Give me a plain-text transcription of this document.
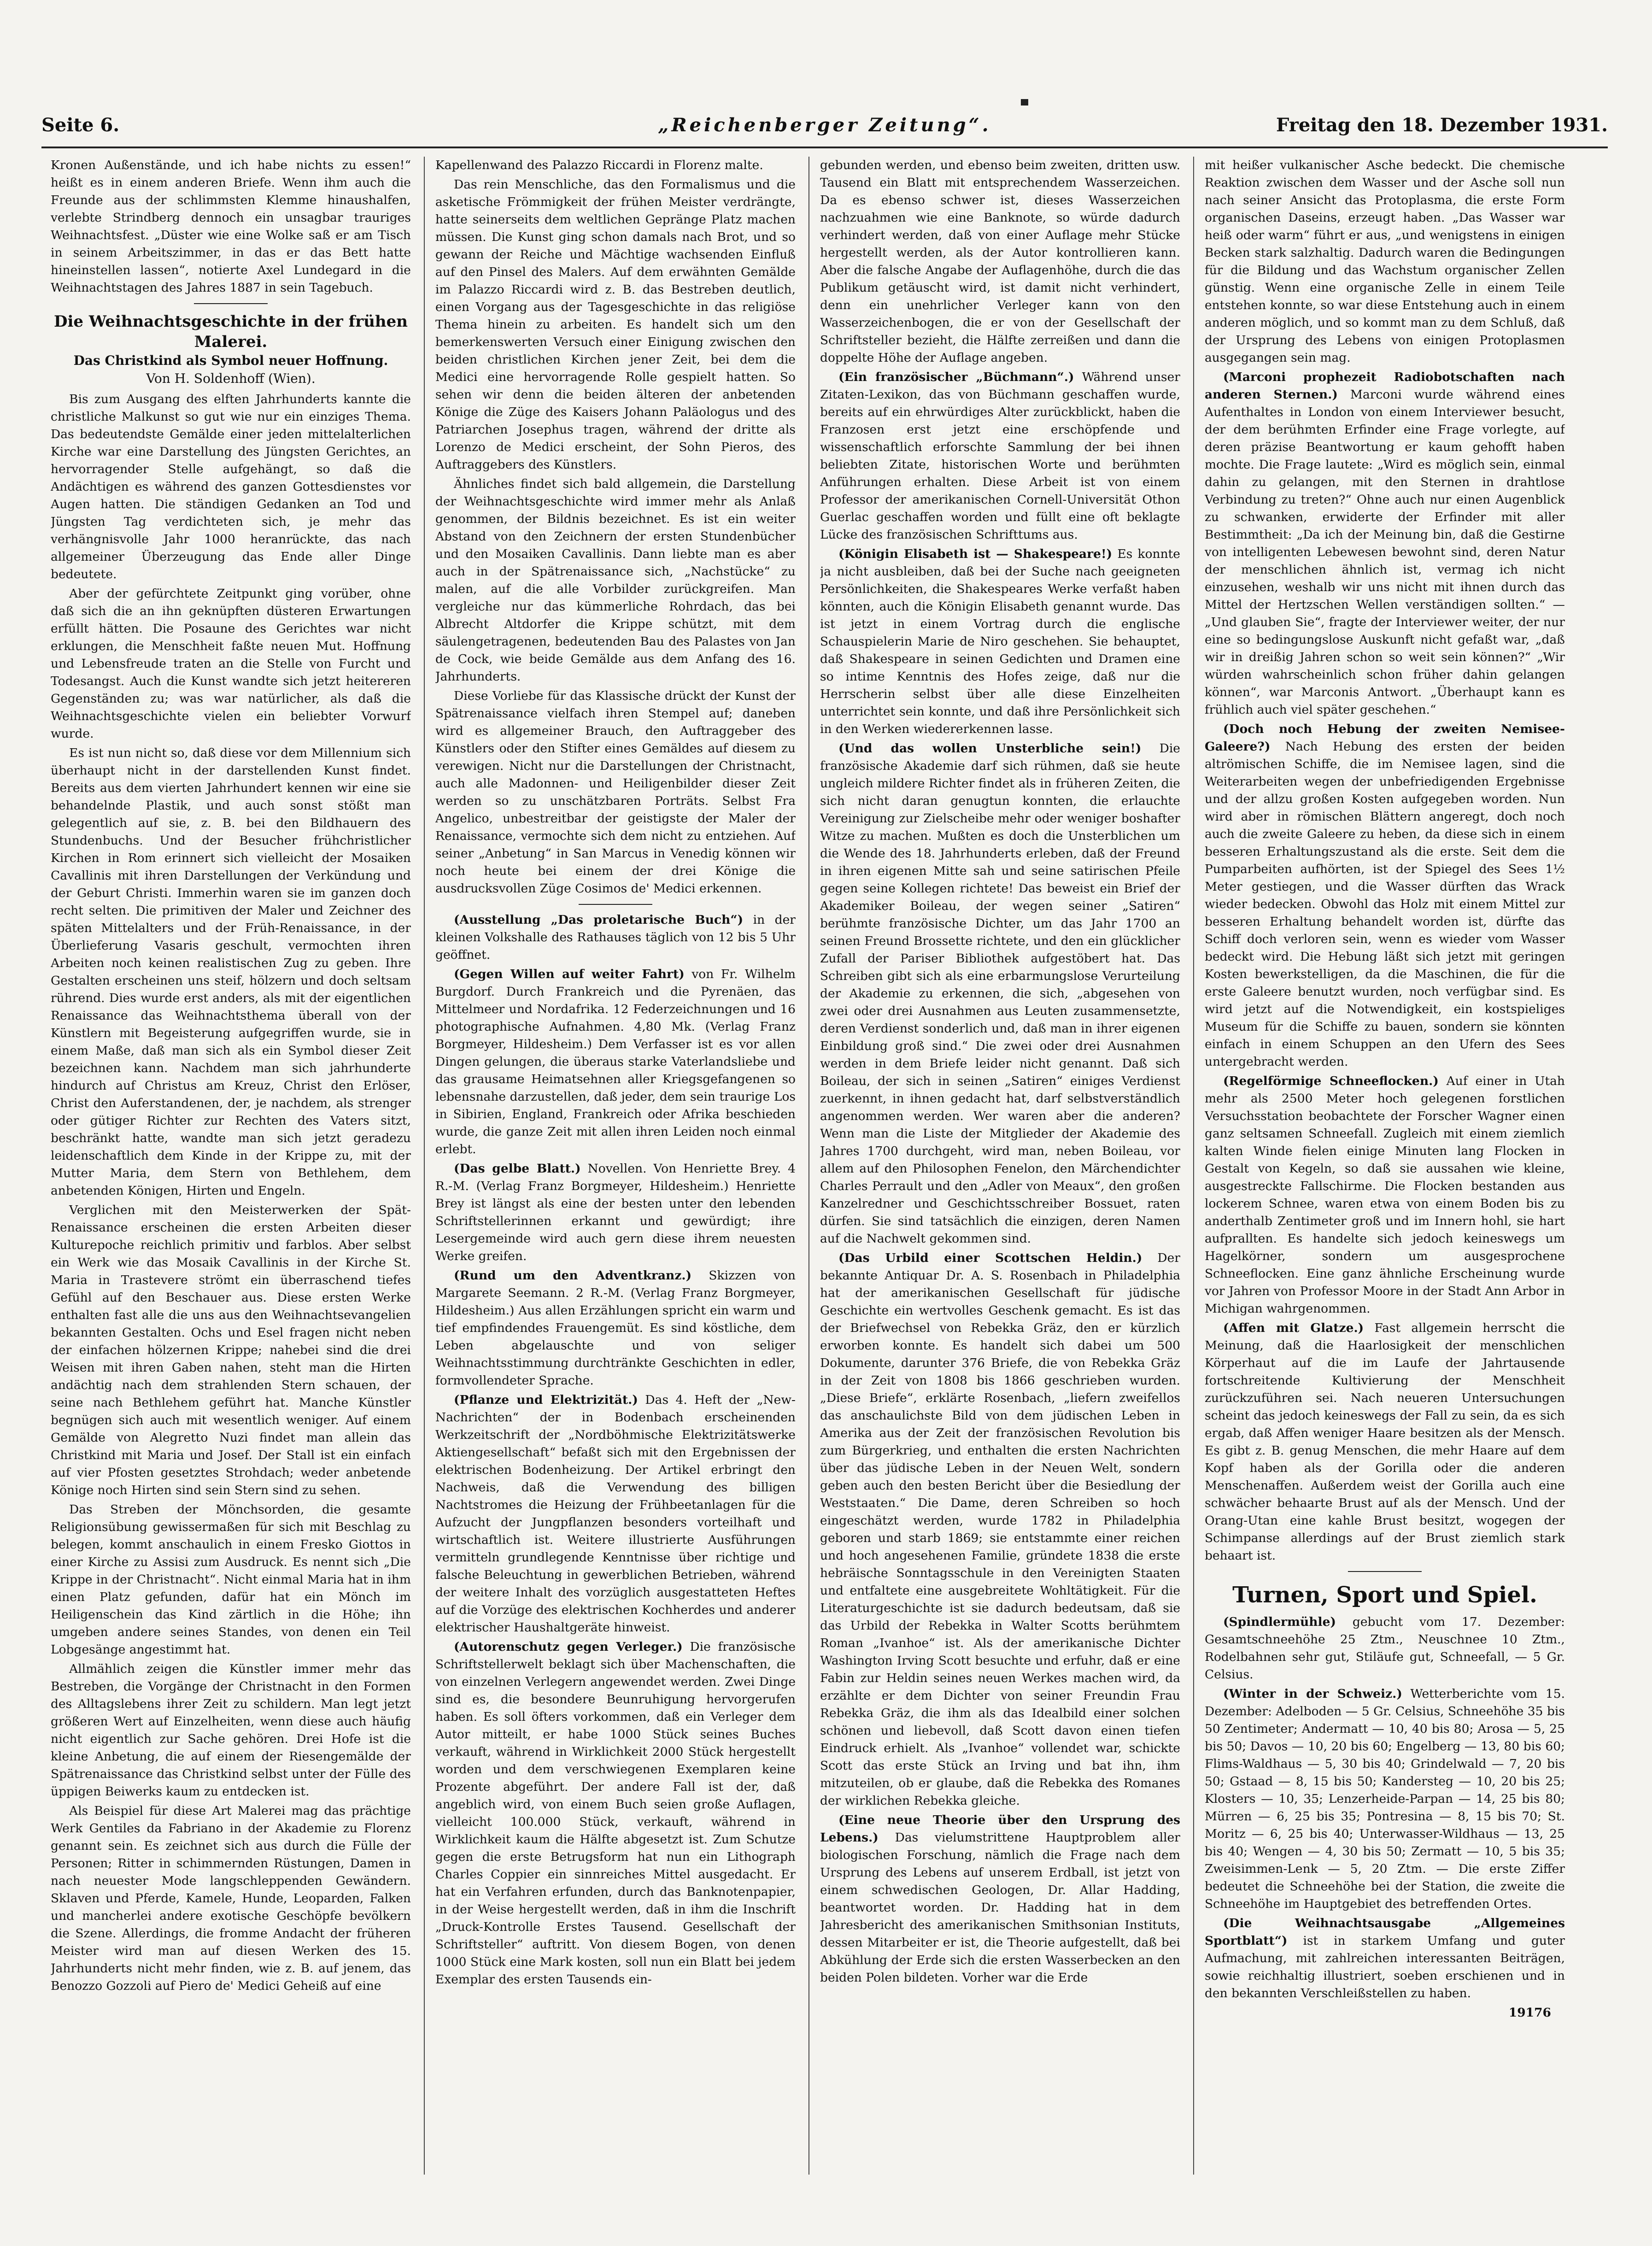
Seite 6.	„Reichenberger Zeitung“.	Freitag den 18. Dezember 1931.

Kronen Außenstände, und ich habe nichts zu essen!“ heißt es in einem anderen Briefe. Wenn ihm auch die Freunde aus der schlimmsten Klemme hinaushalfen, verlebte Strindberg dennoch ein unsagbar trauriges Weihnachtsfest. „Düster wie eine Wolke saß er am Tisch in seinem Arbeitszimmer, in das er das Bett hatte hineinstellen lassen“, notierte Axel Lundegard in die Weihnachtstagen des Jahres 1887 in sein Tagebuch.

Die Weihnachtsgeschichte in der frühen Malerei.
Das Christkind als Symbol neuer Hoffnung.
Von H. Soldenhoff (Wien).

Bis zum Ausgang des elften Jahrhunderts kannte die christliche Malkunst so gut wie nur ein einziges Thema. Das bedeutendste Gemälde einer jeden mittelalterlichen Kirche war eine Darstellung des Jüngsten Gerichtes, an hervorragender Stelle aufgehängt, so daß die Andächtigen es während des ganzen Gottesdienstes vor Augen hatten. Die ständigen Gedanken an Tod und Jüngsten Tag verdichteten sich, je mehr das verhängnisvolle Jahr 1000 heranrückte, das nach allgemeiner Überzeugung das Ende aller Dinge bedeutete.

Aber der gefürchtete Zeitpunkt ging vorüber, ohne daß sich die an ihn geknüpften düsteren Erwartungen erfüllt hätten. Die Posaune des Gerichtes war nicht erklungen, die Menschheit faßte neuen Mut. Hoffnung und Lebensfreude traten an die Stelle von Furcht und Todesangst. Auch die Kunst wandte sich jetzt heitereren Gegenständen zu; was war natürlicher, als daß die Weihnachtsgeschichte vielen ein beliebter Vorwurf wurde.

Es ist nun nicht so, daß diese vor dem Millennium sich überhaupt nicht in der darstellenden Kunst findet. Bereits aus dem vierten Jahrhundert kennen wir eine sie behandelnde Plastik, und auch sonst stößt man gelegentlich auf sie, z. B. bei den Bildhauern des Stundenbuchs. Und der Besucher frühchristlicher Kirchen in Rom erinnert sich vielleicht der Mosaiken Cavallinis mit ihren Darstellungen der Verkündung und der Geburt Christi. Immerhin waren sie im ganzen doch recht selten. Die primitiven der Maler und Zeichner des späten Mittelalters und der Früh-Renaissance, in der Überlieferung Vasaris geschult, vermochten ihren Arbeiten noch keinen realistischen Zug zu geben. Ihre Gestalten erscheinen uns steif, hölzern und doch seltsam rührend. Dies wurde erst anders, als mit der eigentlichen Renaissance das Weihnachtsthema überall von der Künstlern mit Begeisterung aufgegriffen wurde, sie in einem Maße, daß man sich als ein Symbol dieser Zeit bezeichnen kann. Nachdem man sich jahrhunderte hindurch auf Christus am Kreuz, Christ den Erlöser, Christ den Auferstandenen, der, je nachdem, als strenger oder gütiger Richter zur Rechten des Vaters sitzt, beschränkt hatte, wandte man sich jetzt geradezu leidenschaftlich dem Kinde in der Krippe zu, mit der Mutter Maria, dem Stern von Bethlehem, dem anbetenden Königen, Hirten und Engeln.

Verglichen mit den Meisterwerken der Spät-Renaissance erscheinen die ersten Arbeiten dieser Kulturepoche reichlich primitiv und farblos. Aber selbst ein Werk wie das Mosaik Cavallinis in der Kirche St. Maria in Trastevere strömt ein überraschend tiefes Gefühl auf den Beschauer aus. Diese ersten Werke enthalten fast alle die uns aus den Weihnachtsevangelien bekannten Gestalten. Ochs und Esel fragen nicht neben der einfachen hölzernen Krippe; nahebei sind die drei Weisen mit ihren Gaben nahen, steht man die Hirten andächtig nach dem strahlenden Stern schauen, der seine nach Bethlehem geführt hat. Manche Künstler begnügen sich auch mit wesentlich weniger. Auf einem Gemälde von Alegretto Nuzi findet man allein das Christkind mit Maria und Josef. Der Stall ist ein einfach auf vier Pfosten gesetztes Strohdach; weder anbetende Könige noch Hirten sind sein Stern sind zu sehen.

Das Streben der Mönchsorden, die gesamte Religionsübung gewissermaßen für sich mit Beschlag zu belegen, kommt anschaulich in einem Fresko Giottos in einer Kirche zu Assisi zum Ausdruck. Es nennt sich „Die Krippe in der Christnacht“. Nicht einmal Maria hat in ihm einen Platz gefunden, dafür hat ein Mönch im Heiligenschein das Kind zärtlich in die Höhe; ihn umgeben andere seines Standes, von denen ein Teil Lobgesänge angestimmt hat.

Allmählich zeigen die Künstler immer mehr das Bestreben, die Vorgänge der Christnacht in den Formen des Alltagslebens ihrer Zeit zu schildern. Man legt jetzt größeren Wert auf Einzelheiten, wenn diese auch häufig nicht eigentlich zur Sache gehören. Drei Hofe ist die kleine Anbetung, die auf einem der Riesengemälde der Spätrenaissance das Christkind selbst unter der Fülle des üppigen Beiwerks kaum zu entdecken ist.

Als Beispiel für diese Art Malerei mag das prächtige Werk Gentiles da Fabriano in der Akademie zu Florenz genannt sein. Es zeichnet sich aus durch die Fülle der Personen; Ritter in schimmernden Rüstungen, Damen in nach neuester Mode langschleppenden Gewändern. Sklaven und Pferde, Kamele, Hunde, Leoparden, Falken und mancherlei andere exotische Geschöpfe bevölkern die Szene. Allerdings, die fromme Andacht der früheren Meister wird man auf diesen Werken des 15. Jahrhunderts nicht mehr finden, wie z. B. auf jenem, das Benozzo Gozzoli auf Piero de' Medici Geheiß auf eine

Kapellenwand des Palazzo Riccardi in Florenz malte.

Das rein Menschliche, das den Formalismus und die asketische Frömmigkeit der frühen Meister verdrängte, hatte seinerseits dem weltlichen Gepränge Platz machen müssen. Die Kunst ging schon damals nach Brot, und so gewann der Reiche und Mächtige wachsenden Einfluß auf den Pinsel des Malers. Auf dem erwähnten Gemälde im Palazzo Riccardi wird z. B. das Bestreben deutlich, einen Vorgang aus der Tagesgeschichte in das religiöse Thema hinein zu arbeiten. Es handelt sich um den bemerkenswerten Versuch einer Einigung zwischen den beiden christlichen Kirchen jener Zeit, bei dem die Medici eine hervorragende Rolle gespielt hatten. So sehen wir denn die beiden älteren der anbetenden Könige die Züge des Kaisers Johann Paläologus und des Patriarchen Josephus tragen, während der dritte als Lorenzo de Medici erscheint, der Sohn Pieros, des Auftraggebers des Künstlers.

Ähnliches findet sich bald allgemein, die Darstellung der Weihnachtsgeschichte wird immer mehr als Anlaß genommen, der Bildnis bezeichnet. Es ist ein weiter Abstand von den Zeichnern der ersten Stundenbücher und den Mosaiken Cavallinis. Dann liebte man es aber auch in der Spätrenaissance sich, „Nachstücke“ zu malen, auf die alle Vorbilder zurückgreifen. Man vergleiche nur das kümmerliche Rohrdach, das bei Albrecht Altdorfer die Krippe schützt, mit dem säulengetragenen, bedeutenden Bau des Palastes von Jan de Cock, wie beide Gemälde aus dem Anfang des 16. Jahrhunderts.

Diese Vorliebe für das Klassische drückt der Kunst der Spätrenaissance vielfach ihren Stempel auf; daneben wird es allgemeiner Brauch, den Auftraggeber des Künstlers oder den Stifter eines Gemäldes auf diesem zu verewigen. Nicht nur die Darstellungen der Christnacht, auch alle Madonnen- und Heiligenbilder dieser Zeit werden so zu unschätzbaren Porträts. Selbst Fra Angelico, unbestreitbar der geistigste der Maler der Renaissance, vermochte sich dem nicht zu entziehen. Auf seiner „Anbetung“ in San Marcus in Venedig können wir noch heute bei einem der drei Könige die ausdrucksvollen Züge Cosimos de' Medici erkennen.

(Ausstellung „Das proletarische Buch“) in der kleinen Volkshalle des Rathauses täglich von 12 bis 5 Uhr geöffnet.

(Gegen Willen auf weiter Fahrt) von Fr. Wilhelm Burgdorf. Durch Frankreich und die Pyrenäen, das Mittelmeer und Nordafrika. 12 Federzeichnungen und 16 photographische Aufnahmen. 4,80 Mk. (Verlag Franz Borgmeyer, Hildesheim.) Dem Verfasser ist es vor allen Dingen gelungen, die überaus starke Vaterlandsliebe und das grausame Heimatsehnen aller Kriegsgefangenen so lebensnahe darzustellen, daß jeder, dem sein traurige Los in Sibirien, England, Frankreich oder Afrika beschieden wurde, die ganze Zeit mit allen ihren Leiden noch einmal erlebt.

(Das gelbe Blatt.) Novellen. Von Henriette Brey. 4 R.-M. (Verlag Franz Borgmeyer, Hildesheim.) Henriette Brey ist längst als eine der besten unter den lebenden Schriftstellerinnen erkannt und gewürdigt; ihre Lesergemeinde wird auch gern diese ihrem neuesten Werke greifen.

(Rund um den Adventkranz.) Skizzen von Margarete Seemann. 2 R.-M. (Verlag Franz Borgmeyer, Hildesheim.) Aus allen Erzählungen spricht ein warm und tief empfindendes Frauengemüt. Es sind köstliche, dem Leben abgelauschte und von seliger Weihnachtsstimmung durchtränkte Geschichten in edler, formvollendeter Sprache.

(Pflanze und Elektrizität.) Das 4. Heft der „New-Nachrichten“ der in Bodenbach erscheinenden Werkzeitschrift der „Nordböhmische Elektrizitätswerke Aktiengesellschaft“ befaßt sich mit den Ergebnissen der elektrischen Bodenheizung. Der Artikel erbringt den Nachweis, daß die Verwendung des billigen Nachtstromes die Heizung der Frühbeetanlagen für die Aufzucht der Jungpflanzen besonders vorteilhaft und wirtschaftlich ist. Weitere illustrierte Ausführungen vermitteln grundlegende Kenntnisse über richtige und falsche Beleuchtung in gewerblichen Betrieben, während der weitere Inhalt des vorzüglich ausgestatteten Heftes auf die Vorzüge des elektrischen Kochherdes und anderer elektrischer Haushaltgeräte hinweist.

(Autorenschutz gegen Verleger.) Die französische Schriftstellerwelt beklagt sich über Machenschaften, die von einzelnen Verlegern angewendet werden. Zwei Dinge sind es, die besondere Beunruhigung hervorgerufen haben. Es soll öfters vorkommen, daß ein Verleger dem Autor mitteilt, er habe 1000 Stück seines Buches verkauft, während in Wirklichkeit 2000 Stück hergestellt worden und dem verschwiegenen Exemplaren keine Prozente abgeführt. Der andere Fall ist der, daß angeblich wird, von einem Buch seien große Auflagen, vielleicht 100.000 Stück, verkauft, während in Wirklichkeit kaum die Hälfte abgesetzt ist. Zum Schutze gegen die erste Betrugsform hat nun ein Lithograph Charles Coppier ein sinnreiches Mittel ausgedacht. Er hat ein Verfahren erfunden, durch das Banknotenpapier, in der Weise hergestellt werden, daß in ihm die Inschrift „Druck-Kontrolle Erstes Tausend. Gesellschaft der Schriftsteller“ auftritt. Von diesem Bogen, von denen 1000 Stück eine Mark kosten, soll nun ein Blatt bei jedem Exemplar des ersten Tausends ein-

gebunden werden, und ebenso beim zweiten, dritten usw. Tausend ein Blatt mit entsprechendem Wasserzeichen. Da es ebenso schwer ist, dieses Wasserzeichen nachzuahmen wie eine Banknote, so würde dadurch verhindert werden, daß von einer Auflage mehr Stücke hergestellt werden, als der Autor kontrollieren kann. Aber die falsche Angabe der Auflagenhöhe, durch die das Publikum getäuscht wird, ist damit nicht verhindert, denn ein unehrlicher Verleger kann von den Wasserzeichenbogen, die er von der Gesellschaft der Schriftsteller bezieht, die Hälfte zerreißen und dann die doppelte Höhe der Auflage angeben.

(Ein französischer „Büchmann“.) Während unser Zitaten-Lexikon, das von Büchmann geschaffen wurde, bereits auf ein ehrwürdiges Alter zurückblickt, haben die Franzosen erst jetzt eine erschöpfende und wissenschaftlich erforschte Sammlung der bei ihnen beliebten Zitate, historischen Worte und berühmten Anführungen erhalten. Diese Arbeit ist von einem Professor der amerikanischen Cornell-Universität Othon Guerlac geschaffen worden und füllt eine oft beklagte Lücke des französischen Schrifttums aus.

(Königin Elisabeth ist — Shakespeare!) Es konnte ja nicht ausbleiben, daß bei der Suche nach geeigneten Persönlichkeiten, die Shakespeares Werke verfaßt haben könnten, auch die Königin Elisabeth genannt wurde. Das ist jetzt in einem Vortrag durch die englische Schauspielerin Marie de Niro geschehen. Sie behauptet, daß Shakespeare in seinen Gedichten und Dramen eine so intime Kenntnis des Hofes zeige, daß nur die Herrscherin selbst über alle diese Einzelheiten unterrichtet sein konnte, und daß ihre Persönlichkeit sich in den Werken wiedererkennen lasse.

(Und das wollen Unsterbliche sein!) Die französische Akademie darf sich rühmen, daß sie heute ungleich mildere Richter findet als in früheren Zeiten, die sich nicht daran genugtun konnten, die erlauchte Vereinigung zur Zielscheibe mehr oder weniger boshafter Witze zu machen. Mußten es doch die Unsterblichen um die Wende des 18. Jahrhunderts erleben, daß der Freund in ihren eigenen Mitte sah und seine satirischen Pfeile gegen seine Kollegen richtete! Das beweist ein Brief der Akademiker Boileau, der wegen seiner „Satiren“ berühmte französische Dichter, um das Jahr 1700 an seinen Freund Brossette richtete, und den ein glücklicher Zufall der Pariser Bibliothek aufgestöbert hat. Das Schreiben gibt sich als eine erbarmungslose Verurteilung der Akademie zu erkennen, die sich, „abgesehen von zwei oder drei Ausnahmen aus Leuten zusammensetzte, deren Verdienst sonderlich und, daß man in ihrer eigenen Einbildung groß sind.“ Die zwei oder drei Ausnahmen werden in dem Briefe leider nicht genannt. Daß sich Boileau, der sich in seinen „Satiren“ einiges Verdienst zuerkennt, in ihnen gedacht hat, darf selbstverständlich angenommen werden. Wer waren aber die anderen? Wenn man die Liste der Mitglieder der Akademie des Jahres 1700 durchgeht, wird man, neben Boileau, vor allem auf den Philosophen Fenelon, den Märchendichter Charles Perrault und den „Adler von Meaux“, den großen Kanzelredner und Geschichtsschreiber Bossuet, raten dürfen. Sie sind tatsächlich die einzigen, deren Namen auf die Nachwelt gekommen sind.

(Das Urbild einer Scottschen Heldin.) Der bekannte Antiquar Dr. A. S. Rosenbach in Philadelphia hat der amerikanischen Gesellschaft für jüdische Geschichte ein wertvolles Geschenk gemacht. Es ist das der Briefwechsel von Rebekka Gräz, den er kürzlich erworben konnte. Es handelt sich dabei um 500 Dokumente, darunter 376 Briefe, die von Rebekka Gräz in der Zeit von 1808 bis 1866 geschrieben wurden. „Diese Briefe“, erklärte Rosenbach, „liefern zweifellos das anschaulichste Bild von dem jüdischen Leben in Amerika aus der Zeit der französischen Revolution bis zum Bürgerkrieg, und enthalten die ersten Nachrichten über das jüdische Leben in der Neuen Welt, sondern geben auch den besten Bericht über die Besiedlung der Weststaaten.“ Die Dame, deren Schreiben so hoch eingeschätzt werden, wurde 1782 in Philadelphia geboren und starb 1869; sie entstammte einer reichen und hoch angesehenen Familie, gründete 1838 die erste hebräische Sonntagsschule in den Vereinigten Staaten und entfaltete eine ausgebreitete Wohltätigkeit. Für die Literaturgeschichte ist sie dadurch bedeutsam, daß sie das Urbild der Rebekka in Walter Scotts berühmtem Roman „Ivanhoe“ ist. Als der amerikanische Dichter Washington Irving Scott besuchte und erfuhr, daß er eine Fabin zur Heldin seines neuen Werkes machen wird, da erzählte er dem Dichter von seiner Freundin Frau Rebekka Gräz, die ihm als das Idealbild einer solchen schönen und liebevoll, daß Scott davon einen tiefen Eindruck erhielt. Als „Ivanhoe“ vollendet war, schickte Scott das erste Stück an Irving und bat ihn, ihm mitzuteilen, ob er glaube, daß die Rebekka des Romanes der wirklichen Rebekka gleiche.

(Eine neue Theorie über den Ursprung des Lebens.) Das vielumstrittene Hauptproblem aller biologischen Forschung, nämlich die Frage nach dem Ursprung des Lebens auf unserem Erdball, ist jetzt von einem schwedischen Geologen, Dr. Allar Hadding, beantwortet worden. Dr. Hadding hat in dem Jahresbericht des amerikanischen Smithsonian Instituts, dessen Mitarbeiter er ist, die Theorie aufgestellt, daß bei Abkühlung der Erde sich die ersten Wasserbecken an den beiden Polen bildeten. Vorher war die Erde

mit heißer vulkanischer Asche bedeckt. Die chemische Reaktion zwischen dem Wasser und der Asche soll nun nach seiner Ansicht das Protoplasma, die erste Form organischen Daseins, erzeugt haben. „Das Wasser war heiß oder warm“ führt er aus, „und wenigstens in einigen Becken stark salzhaltig. Dadurch waren die Bedingungen für die Bildung und das Wachstum organischer Zellen günstig. Wenn eine organische Zelle in einem Teile entstehen konnte, so war diese Entstehung auch in einem anderen möglich, und so kommt man zu dem Schluß, daß der Ursprung des Lebens von einigen Protoplasmen ausgegangen sein mag.

(Marconi prophezeit Radiobotschaften nach anderen Sternen.) Marconi wurde während eines Aufenthaltes in London von einem Interviewer besucht, der dem berühmten Erfinder eine Frage vorlegte, auf deren präzise Beantwortung er kaum gehofft haben mochte. Die Frage lautete: „Wird es möglich sein, einmal dahin zu gelangen, mit den Sternen in drahtlose Verbindung zu treten?“ Ohne auch nur einen Augenblick zu schwanken, erwiderte der Erfinder mit aller Bestimmtheit: „Da ich der Meinung bin, daß die Gestirne von intelligenten Lebewesen bewohnt sind, deren Natur der menschlichen ähnlich ist, vermag ich nicht einzusehen, weshalb wir uns nicht mit ihnen durch das Mittel der Hertzschen Wellen verständigen sollten.“ — „Und glauben Sie“, fragte der Interviewer weiter, der nur eine so bedingungslose Auskunft nicht gefaßt war, „daß wir in dreißig Jahren schon so weit sein können?“ „Wir würden wahrscheinlich schon früher dahin gelangen können“, war Marconis Antwort. „Überhaupt kann es frühlich auch viel später geschehen.“

(Doch noch Hebung der zweiten Nemisee-Galeere?) Nach Hebung des ersten der beiden altrömischen Schiffe, die im Nemisee lagen, sind die Weiterarbeiten wegen der unbefriedigenden Ergebnisse und der allzu großen Kosten aufgegeben worden. Nun wird aber in römischen Blättern angeregt, doch noch auch die zweite Galeere zu heben, da diese sich in einem besseren Erhaltungszustand als die erste. Seit dem die Pumparbeiten aufhörten, ist der Spiegel des Sees 1½ Meter gestiegen, und die Wasser dürften das Wrack wieder bedecken. Obwohl das Holz mit einem Mittel zur besseren Erhaltung behandelt worden ist, dürfte das Schiff doch verloren sein, wenn es wieder vom Wasser bedeckt wird. Die Hebung läßt sich jetzt mit geringen Kosten bewerkstelligen, da die Maschinen, die für die erste Galeere benutzt wurden, noch verfügbar sind. Es wird jetzt auf die Notwendigkeit, ein kostspieliges Museum für die Schiffe zu bauen, sondern sie könnten einfach in einem Schuppen an den Ufern des Sees untergebracht werden.

(Regelförmige Schneeflocken.) Auf einer in Utah mehr als 2500 Meter hoch gelegenen forstlichen Versuchsstation beobachtete der Forscher Wagner einen ganz seltsamen Schneefall. Zugleich mit einem ziemlich kalten Winde fielen einige Minuten lang Flocken in Gestalt von Kegeln, so daß sie aussahen wie kleine, ausgestreckte Fallschirme. Die Flocken bestanden aus lockerem Schnee, waren etwa von einem Boden bis zu anderthalb Zentimeter groß und im Innern hohl, sie hart aufprallten. Es handelte sich jedoch keineswegs um Hagelkörner, sondern um ausgesprochene Schneeflocken. Eine ganz ähnliche Erscheinung wurde vor Jahren von Professor Moore in der Stadt Ann Arbor in Michigan wahrgenommen.

(Affen mit Glatze.) Fast allgemein herrscht die Meinung, daß die Haarlosigkeit der menschlichen Körperhaut auf die im Laufe der Jahrtausende fortschreitende Kultivierung der Menschheit zurückzuführen sei. Nach neueren Untersuchungen scheint das jedoch keineswegs der Fall zu sein, da es sich ergab, daß Affen weniger Haare besitzen als der Mensch. Es gibt z. B. genug Menschen, die mehr Haare auf dem Kopf haben als der Gorilla oder die anderen Menschenaffen. Außerdem weist der Gorilla auch eine schwächer behaarte Brust auf als der Mensch. Und der Orang-Utan eine kahle Brust besitzt, wogegen der Schimpanse allerdings auf der Brust ziemlich stark behaart ist.

Turnen, Sport und Spiel.

(Spindlermühle) gebucht vom 17. Dezember: Gesamtschneehöhe 25 Ztm., Neuschnee 10 Ztm., Rodelbahnen sehr gut, Stiläufe gut, Schneefall, — 5 Gr. Celsius.

(Winter in der Schweiz.) Wetterberichte vom 15. Dezember: Adelboden — 5 Gr. Celsius, Schneehöhe 35 bis 50 Zentimeter; Andermatt — 10, 40 bis 80; Arosa — 5, 25 bis 50; Davos — 10, 20 bis 60; Engelberg — 13, 80 bis 60; Flims-Waldhaus — 5, 30 bis 40; Grindelwald — 7, 20 bis 50; Gstaad — 8, 15 bis 50; Kandersteg — 10, 20 bis 25; Klosters — 10, 35; Lenzerheide-Parpan — 14, 25 bis 80; Mürren — 6, 25 bis 35; Pontresina — 8, 15 bis 70; St. Moritz — 6, 25 bis 40; Unterwasser-Wildhaus — 13, 25 bis 40; Wengen — 4, 30 bis 50; Zermatt — 10, 5 bis 35; Zweisimmen-Lenk — 5, 20 Ztm. — Die erste Ziffer bedeutet die Schneehöhe bei der Station, die zweite die Schneehöhe im Hauptgebiet des betreffenden Ortes.

(Die Weihnachtsausgabe „Allgemeines Sportblatt“) ist in starkem Umfang und guter Aufmachung, mit zahlreichen interessanten Beiträgen, sowie reichhaltig illustriert, soeben erschienen und in den bekannten Verschleißstellen zu haben.

19176
